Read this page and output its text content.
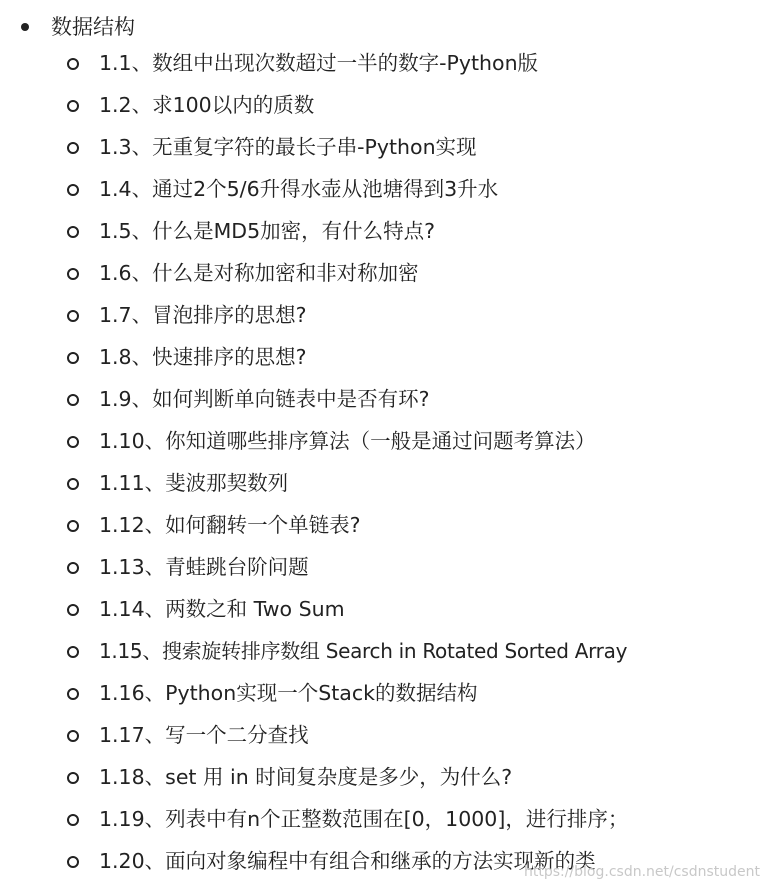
数据结构
1.1、数组中出现次数超过一半的数字-Python版
1.2、求100以内的质数
1.3、无重复字符的最长子串-Python实现
1.4、通过2个5/6升得水壶从池塘得到3升水
1.5、什么是MD5加密，有什么特点?
1.6、什么是对称加密和非对称加密
1.7、冒泡排序的思想?
1.8、快速排序的思想?
1.9、如何判断单向链表中是否有环?
1.10、你知道哪些排序算法（一般是通过问题考算法）
1.11、斐波那契数列
1.12、如何翻转一个单链表?
1.13、青蛙跳台阶问题
1.14、两数之和 Two Sum
1.15、搜索旋转排序数组 Search in Rotated Sorted Array
1.16、Python实现一个Stack的数据结构
1.17、写一个二分查找
1.18、set 用 in 时间复杂度是多少，为什么?
1.19、列表中有n个正整数范围在[0，1000]，进行排序；
1.20、面向对象编程中有组合和继承的方法实现新的类
https://blog.csdn.net/csdnstudent
